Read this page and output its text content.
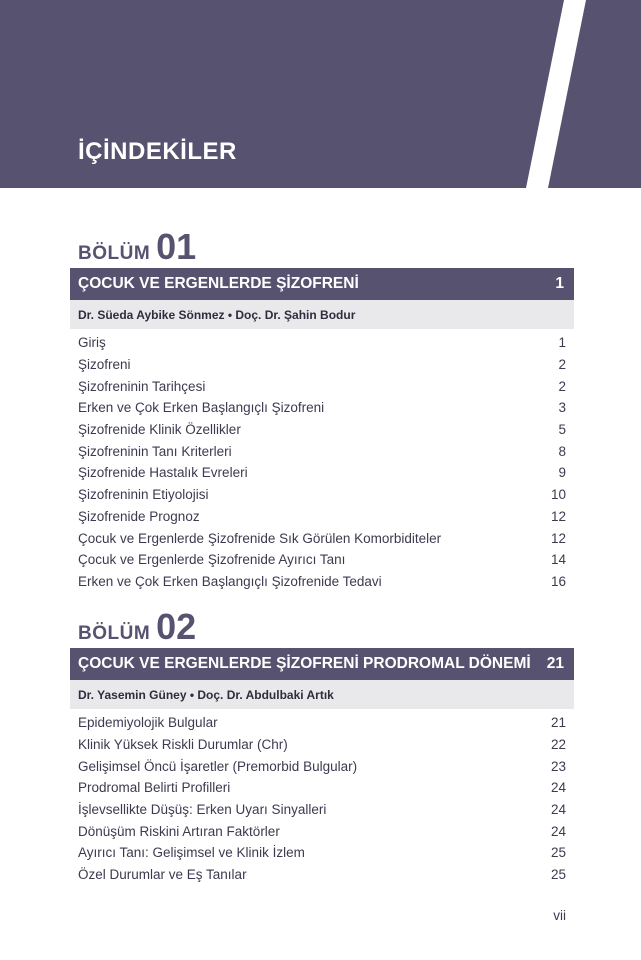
İÇİNDEKİLER
BÖLÜM 01
ÇOCUK VE ERGENLERDE ŞİZOFRENİ	1
Dr. Süeda Aybike Sönmez • Doç. Dr. Şahin Bodur
Giriş	1
Şizofreni	2
Şizofreninin Tarihçesi	2
Erken ve Çok Erken Başlangıçlı Şizofreni	3
Şizofrenide Klinik Özellikler	5
Şizofreninin Tanı Kriterleri	8
Şizofrenide Hastalık Evreleri	9
Şizofreninin Etiyolojisi	10
Şizofrenide Prognoz	12
Çocuk ve Ergenlerde Şizofrenide Sık Görülen Komorbiditeler	12
Çocuk ve Ergenlerde Şizofrenide Ayırıcı Tanı	14
Erken ve Çok Erken Başlangıçlı Şizofrenide Tedavi	16
BÖLÜM 02
ÇOCUK VE ERGENLERDE ŞİZOFRENİ PRODROMAL DÖNEMİ 21
Dr. Yasemin Güney • Doç. Dr. Abdulbaki Artık
Epidemiyolojik Bulgular	21
Klinik Yüksek Riskli Durumlar (Chr)	22
Gelişimsel Öncü İşaretler (Premorbid Bulgular)	23
Prodromal Belirti Profilleri	24
İşlevsellikte Düşüş: Erken Uyarı Sinyalleri	24
Dönüşüm Riskini Artıran Faktörler	24
Ayırıcı Tanı: Gelişimsel ve Klinik İzlem	25
Özel Durumlar ve Eş Tanılar	25
vii
